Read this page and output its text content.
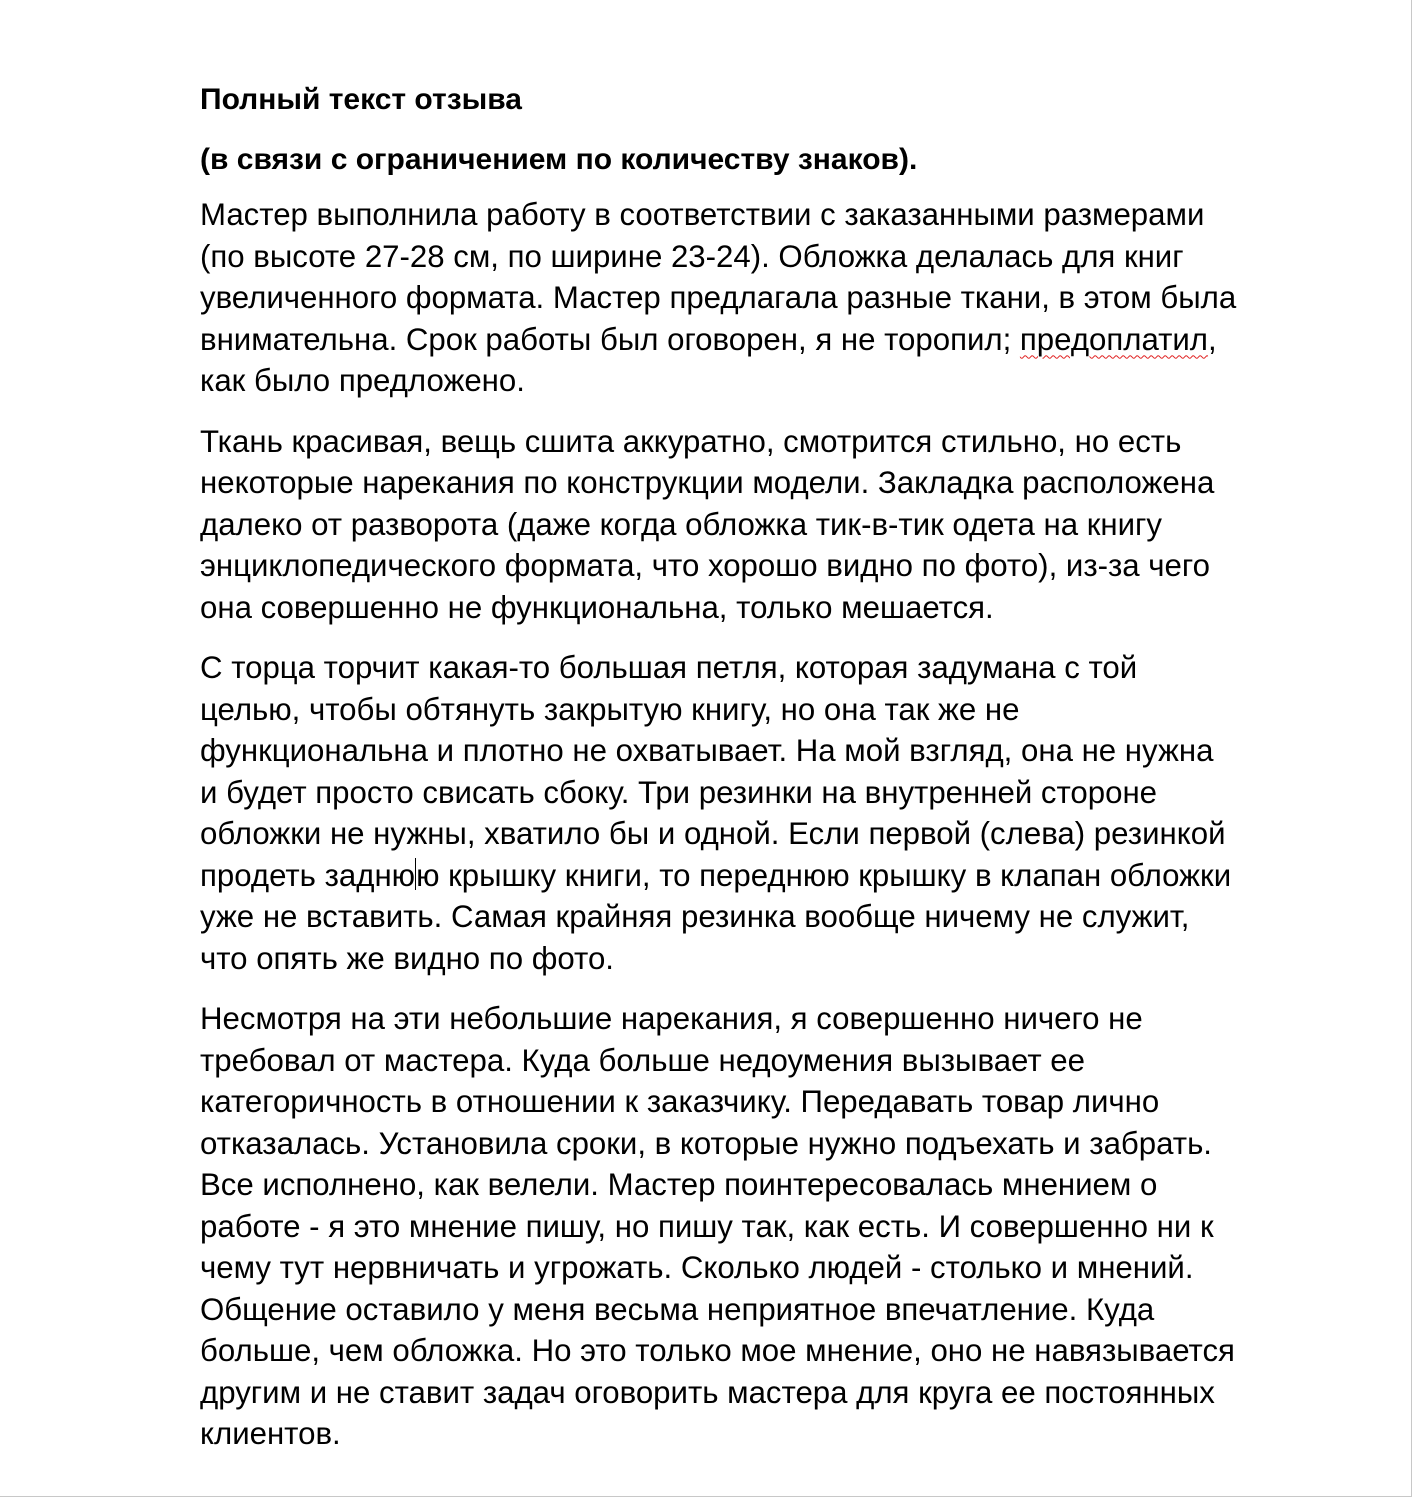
Полный текст отзыва

(в связи с ограничением по количеству знаков).

Мастер выполнила работу в соответствии с заказанными размерами
(по высоте 27-28 см, по ширине 23-24). Обложка делалась для книг
увеличенного формата. Мастер предлагала разные ткани, в этом была
внимательна. Срок работы был оговорен, я не торопил; предоплатил,
как было предложено.

Ткань красивая, вещь сшита аккуратно, смотрится стильно, но есть
некоторые нарекания по конструкции модели. Закладка расположена
далеко от разворота (даже когда обложка тик-в-тик одета на книгу
энциклопедического формата, что хорошо видно по фото), из-за чего
она совершенно не функциональна, только мешается.

С торца торчит какая-то большая петля, которая задумана с той
целью, чтобы обтянуть закрытую книгу, но она так же не
функциональна и плотно не охватывает. На мой взгляд, она не нужна
и будет просто свисать сбоку. Три резинки на внутренней стороне
обложки не нужны, хватило бы и одной. Если первой (слева) резинкой
продеть заднюю крышку книги, то переднюю крышку в клапан обложки
уже не вставить. Самая крайняя резинка вообще ничему не служит,
что опять же видно по фото.

Несмотря на эти небольшие нарекания, я совершенно ничего не
требовал от мастера. Куда больше недоумения вызывает ее
категоричность в отношении к заказчику. Передавать товар лично
отказалась. Установила сроки, в которые нужно подъехать и забрать.
Все исполнено, как велели. Мастер поинтересовалась мнением о
работе - я это мнение пишу, но пишу так, как есть. И совершенно ни к
чему тут нервничать и угрожать. Сколько людей - столько и мнений.
Общение оставило у меня весьма неприятное впечатление. Куда
больше, чем обложка. Но это только мое мнение, оно не навязывается
другим и не ставит задач оговорить мастера для круга ее постоянных
клиентов.
